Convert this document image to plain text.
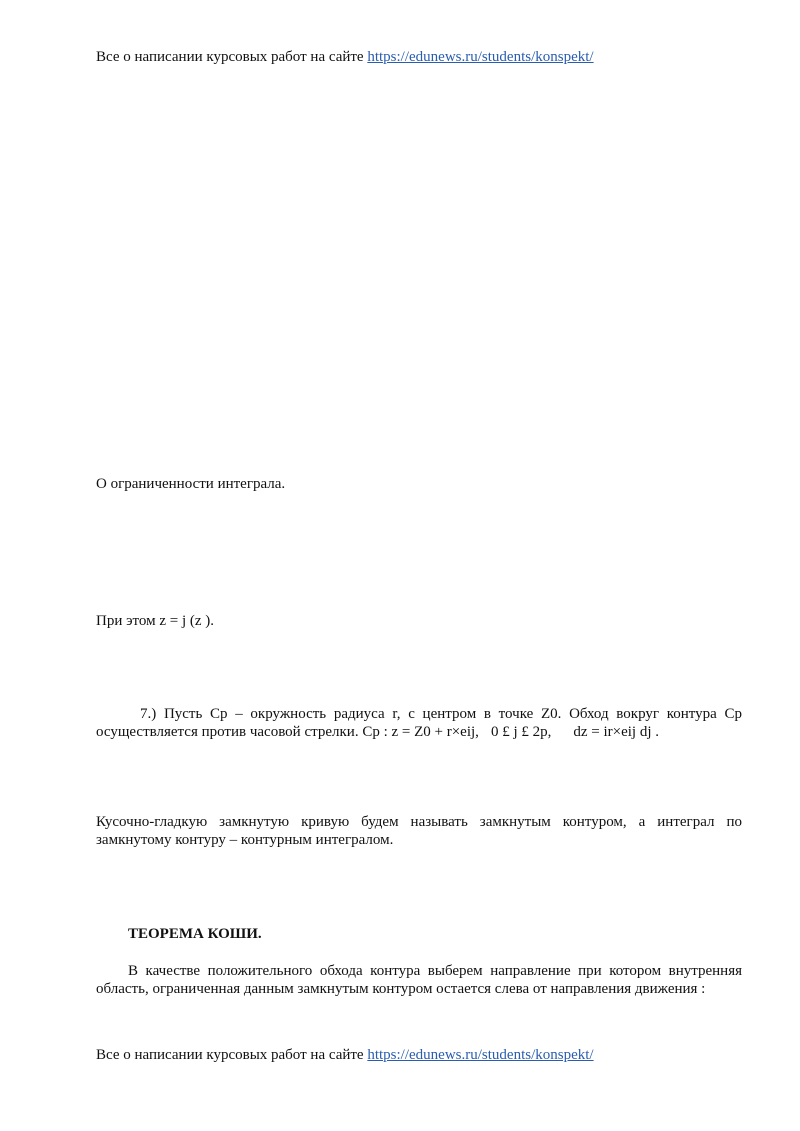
Все о написании курсовых работ на сайте https://edunews.ru/students/konspekt/
О ограниченности интеграла.
При этом z = j (z ).
7.) Пусть Ср – окружность радиуса r, с центром в точке Z0. Обход вокруг контура Ср
осуществляется против часовой стрелки. Ср : z = Z0 + r×eij, 0 £ j £ 2p, dz = ir×eij dj .
Кусочно-гладкую замкнутую кривую будем называть замкнутым контуром, а интеграл по замкнутому контуру – контурным интегралом.
ТЕОРЕМА КОШИ.
В качестве положительного обхода контура выберем направление при котором внутренняя область, ограниченная данным замкнутым контуром остается слева от направления движения :
Все о написании курсовых работ на сайте https://edunews.ru/students/konspekt/
